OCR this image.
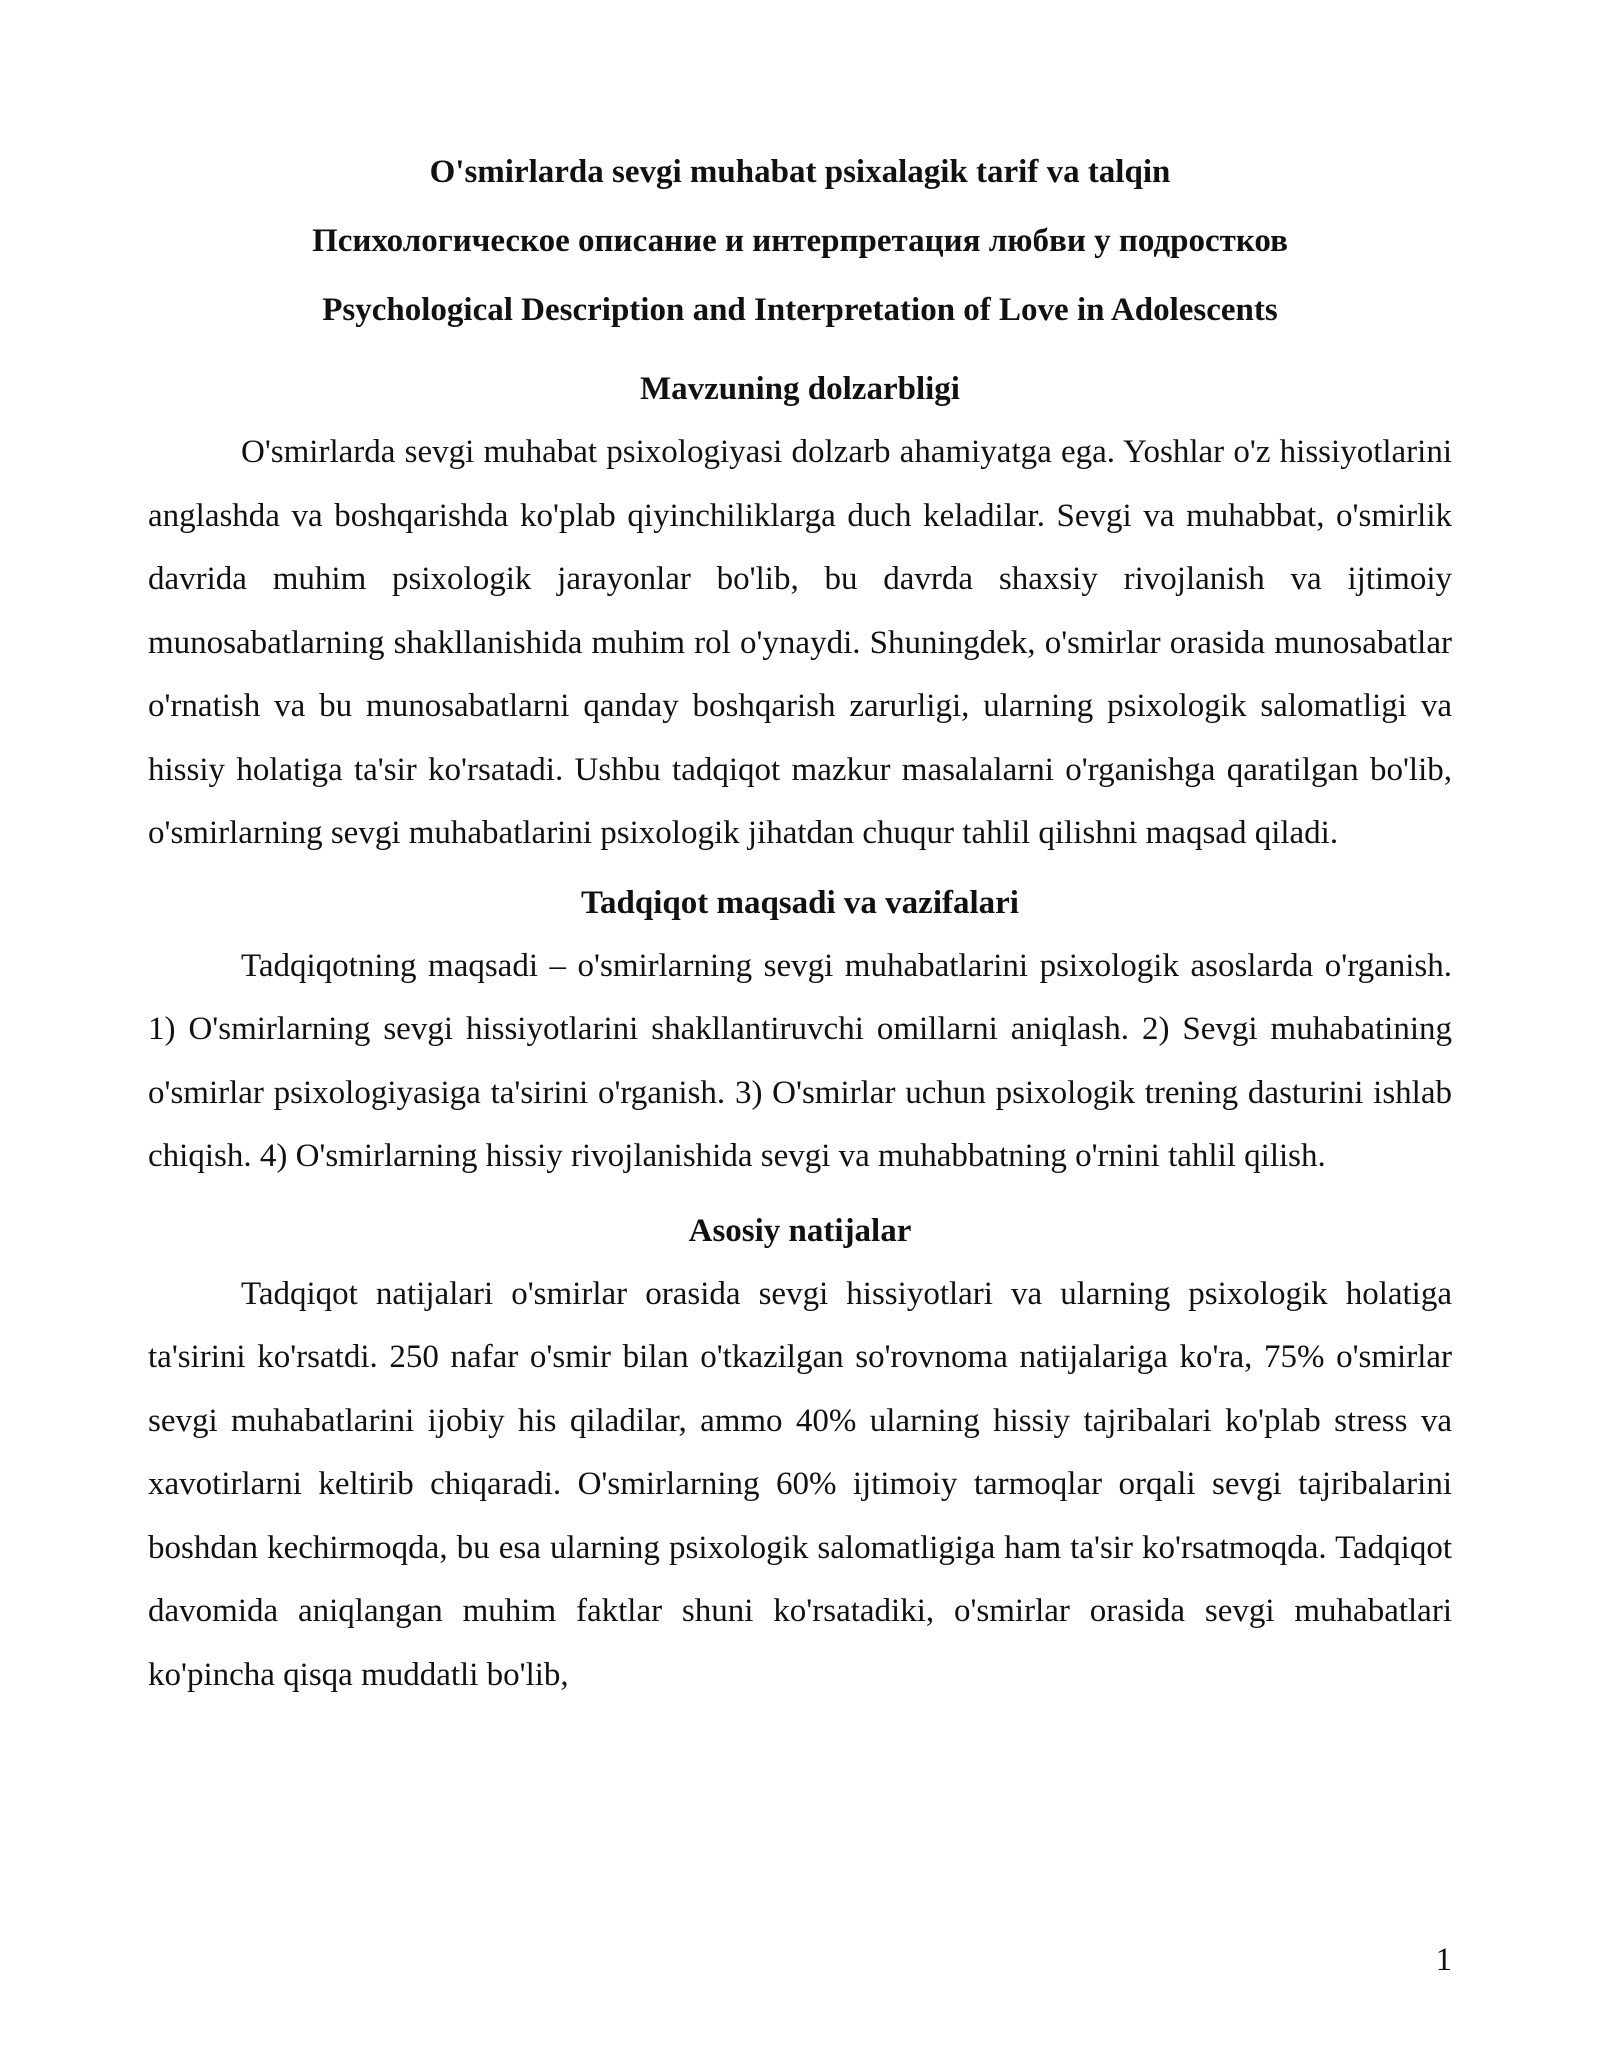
O'smirlarda sevgi muhabat psixalagik tarif va talqin
Психологическое описание и интерпретация любви у подростков
Psychological Description and Interpretation of Love in Adolescents
Mavzuning dolzarbligi

O'smirlarda sevgi muhabat psixologiyasi dolzarb ahamiyatga ega. Yoshlar o'z hissiyotlarini anglashda va boshqarishda ko'plab qiyinchiliklarga duch keladilar. Sevgi va muhabbat, o'smirlik davrida muhim psixologik jarayonlar bo'lib, bu davrda shaxsiy rivojlanish va ijtimoiy munosabatlarning shakllanishida muhim rol o'ynaydi. Shuningdek, o'smirlar orasida munosabatlar o'rnatish va bu munosabatlarni qanday boshqarish zarurligi, ularning psixologik salomatligi va hissiy holatiga ta'sir ko'rsatadi. Ushbu tadqiqot mazkur masalalarni o'rganishga qaratilgan bo'lib, o'smirlarning sevgi muhabatlarini psixologik jihatdan chuqur tahlil qilishni maqsad qiladi.

Tadqiqot maqsadi va vazifalari

Tadqiqotning maqsadi – o'smirlarning sevgi muhabatlarini psixologik asoslarda o'rganish. 1) O'smirlarning sevgi hissiyotlarini shakllantiruvchi omillarni aniqlash. 2) Sevgi muhabatining o'smirlar psixologiyasiga ta'sirini o'rganish. 3) O'smirlar uchun psixologik trening dasturini ishlab chiqish. 4) O'smirlarning hissiy rivojlanishida sevgi va muhabbatning o'rnini tahlil qilish.

Asosiy natijalar

Tadqiqot natijalari o'smirlar orasida sevgi hissiyotlari va ularning psixologik holatiga ta'sirini ko'rsatdi. 250 nafar o'smir bilan o'tkazilgan so'rovnoma natijalariga ko'ra, 75% o'smirlar sevgi muhabatlarini ijobiy his qiladilar, ammo 40% ularning hissiy tajribalari ko'plab stress va xavotirlarni keltirib chiqaradi. O'smirlarning 60% ijtimoiy tarmoqlar orqali sevgi tajribalarini boshdan kechirmoqda, bu esa ularning psixologik salomatligiga ham ta'sir ko'rsatmoqda. Tadqiqot davomida aniqlangan muhim faktlar shuni ko'rsatadiki, o'smirlar orasida sevgi muhabatlari ko'pincha qisqa muddatli bo'lib,

1
